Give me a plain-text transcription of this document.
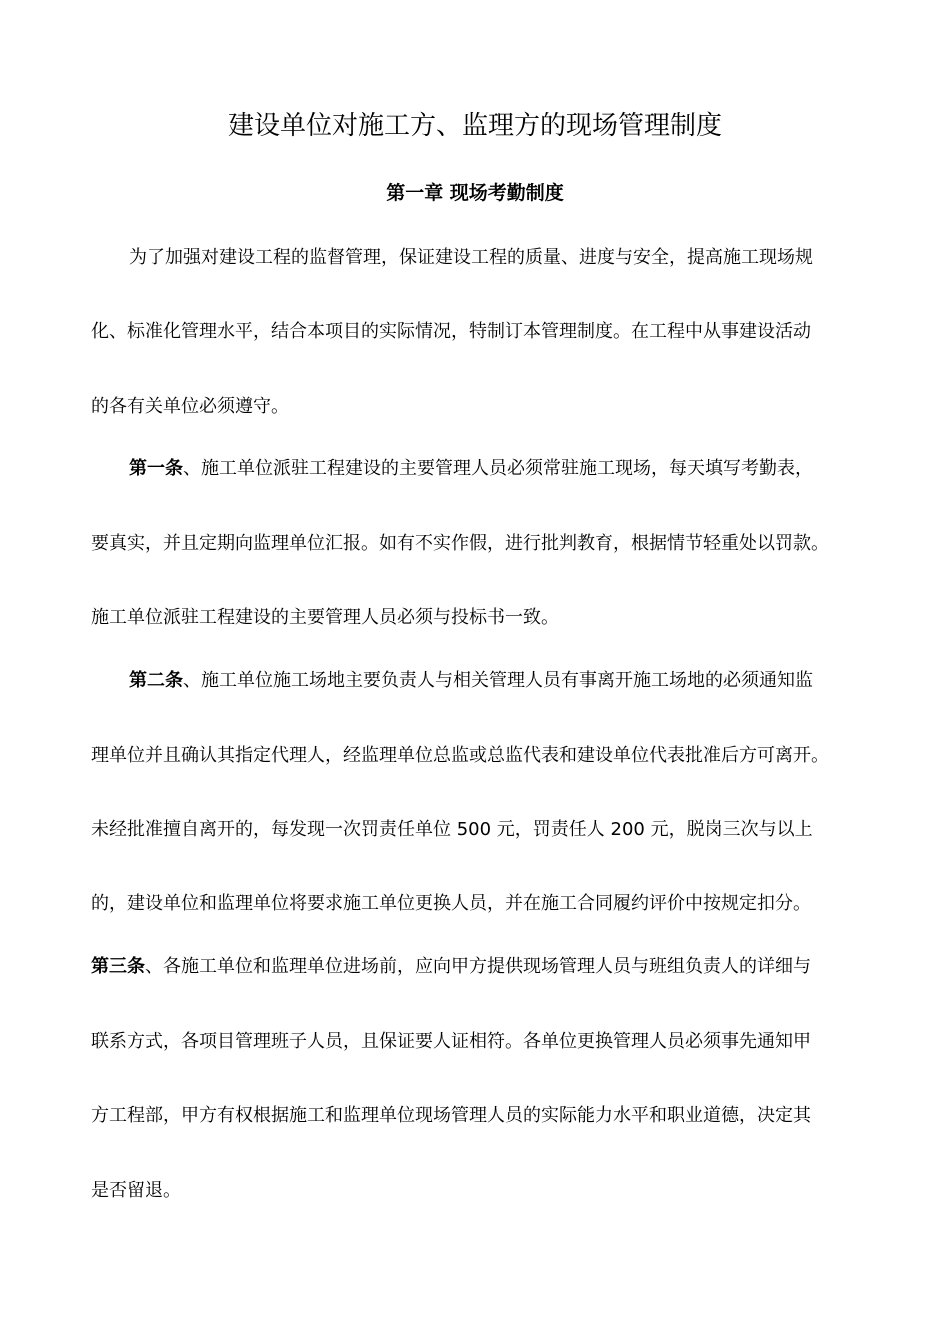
建设单位对施工方、监理方的现场管理制度
第一章 现场考勤制度
为了加强对建设工程的监督管理，保证建设工程的质量、进度与安全，提高施工现场规
化、标准化管理水平，结合本项目的实际情况，特制订本管理制度。在工程中从事建设活动
的各有关单位必须遵守。
第一条、施工单位派驻工程建设的主要管理人员必须常驻施工现场，每天填写考勤表，
要真实，并且定期向监理单位汇报。如有不实作假，进行批判教育，根据情节轻重处以罚款。
施工单位派驻工程建设的主要管理人员必须与投标书一致。
第二条、施工单位施工场地主要负责人与相关管理人员有事离开施工场地的必须通知监
理单位并且确认其指定代理人，经监理单位总监或总监代表和建设单位代表批准后方可离开。
未经批准擅自离开的，每发现一次罚责任单位 500 元，罚责任人 200 元，脱岗三次与以上
的，建设单位和监理单位将要求施工单位更换人员，并在施工合同履约评价中按规定扣分。
第三条、各施工单位和监理单位进场前，应向甲方提供现场管理人员与班组负责人的详细与
联系方式，各项目管理班子人员，且保证要人证相符。各单位更换管理人员必须事先通知甲
方工程部，甲方有权根据施工和监理单位现场管理人员的实际能力水平和职业道德，决定其
是否留退。
